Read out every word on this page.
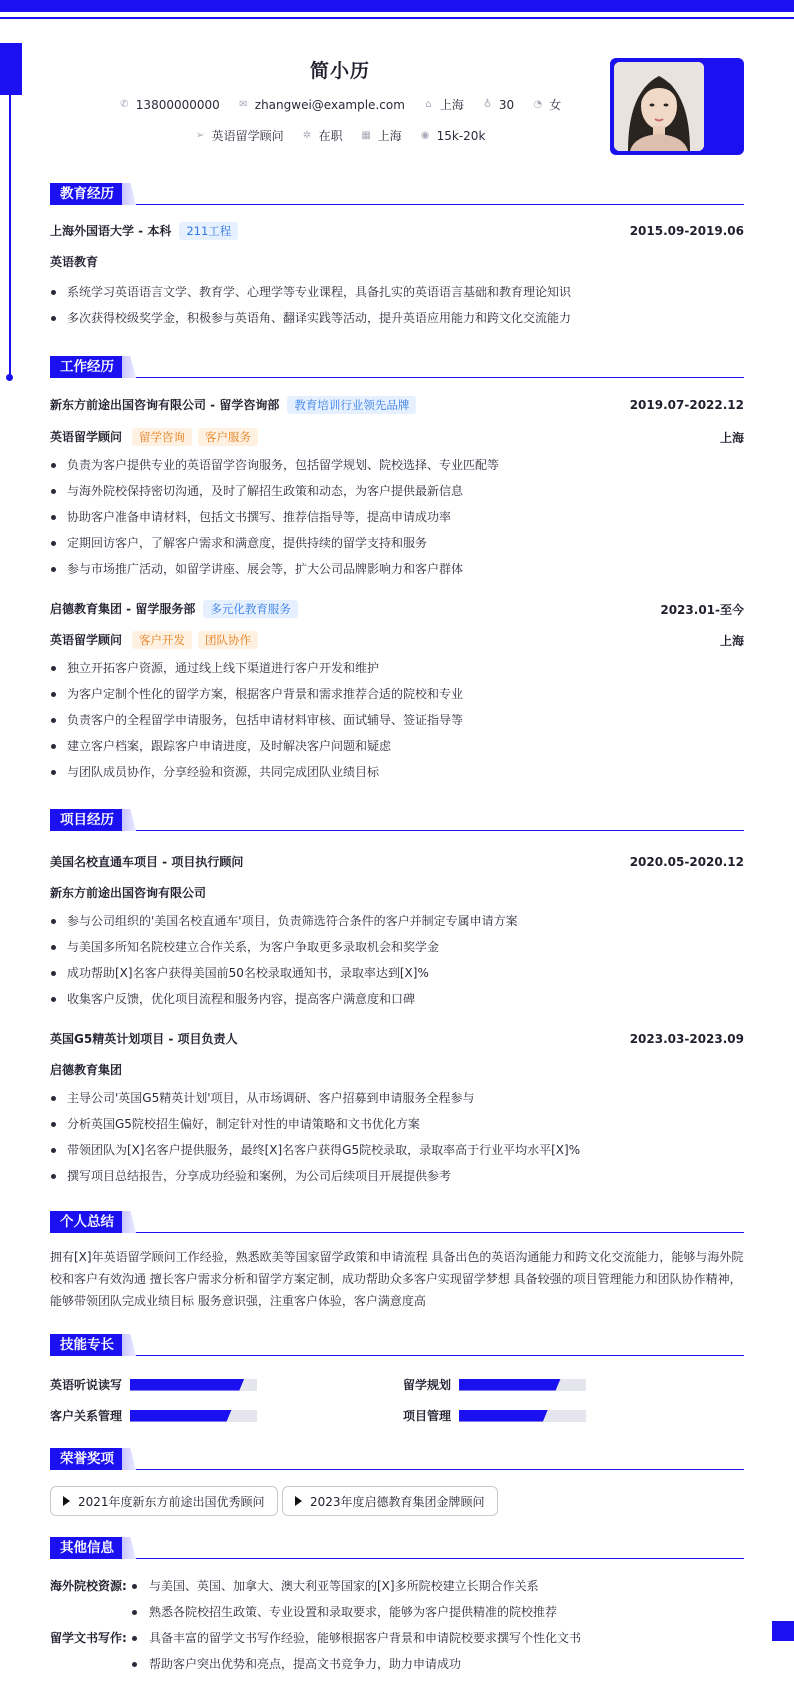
简小历
✆ 13800000000 ✉ zhangwei@example.com ⌂ 上海 ♁ 30 ◔ 女
➢ 英语留学顾问 ✲ 在职 ▦ 上海 ◉ 15k-20k
教育经历
上海外国语大学 - 本科 211工程	2015.09-2019.06
英语教育
系统学习英语语言文学、教育学、心理学等专业课程，具备扎实的英语语言基础和教育理论知识
多次获得校级奖学金，积极参与英语角、翻译实践等活动，提升英语应用能力和跨文化交流能力
工作经历
新东方前途出国咨询有限公司 - 留学咨询部 教育培训行业领先品牌	2019.07-2022.12
英语留学顾问 留学咨询 客户服务	上海
负责为客户提供专业的英语留学咨询服务，包括留学规划、院校选择、专业匹配等
与海外院校保持密切沟通，及时了解招生政策和动态，为客户提供最新信息
协助客户准备申请材料，包括文书撰写、推荐信指导等，提高申请成功率
定期回访客户，了解客户需求和满意度，提供持续的留学支持和服务
参与市场推广活动，如留学讲座、展会等，扩大公司品牌影响力和客户群体
启德教育集团 - 留学服务部 多元化教育服务	2023.01-至今
英语留学顾问 客户开发 团队协作	上海
独立开拓客户资源，通过线上线下渠道进行客户开发和维护
为客户定制个性化的留学方案，根据客户背景和需求推荐合适的院校和专业
负责客户的全程留学申请服务，包括申请材料审核、面试辅导、签证指导等
建立客户档案，跟踪客户申请进度，及时解决客户问题和疑虑
与团队成员协作，分享经验和资源，共同完成团队业绩目标
项目经历
美国名校直通车项目 - 项目执行顾问	2020.05-2020.12
新东方前途出国咨询有限公司
参与公司组织的'美国名校直通车'项目，负责筛选符合条件的客户并制定专属申请方案
与美国多所知名院校建立合作关系，为客户争取更多录取机会和奖学金
成功帮助[X]名客户获得美国前50名校录取通知书，录取率达到[X]%
收集客户反馈，优化项目流程和服务内容，提高客户满意度和口碑
英国G5精英计划项目 - 项目负责人	2023.03-2023.09
启德教育集团
主导公司'英国G5精英计划'项目，从市场调研、客户招募到申请服务全程参与
分析英国G5院校招生偏好，制定针对性的申请策略和文书优化方案
带领团队为[X]名客户提供服务，最终[X]名客户获得G5院校录取，录取率高于行业平均水平[X]%
撰写项目总结报告，分享成功经验和案例，为公司后续项目开展提供参考
个人总结
拥有[X]年英语留学顾问工作经验，熟悉欧美等国家留学政策和申请流程 具备出色的英语沟通能力和跨文化交流能力，能够与海外院
校和客户有效沟通 擅长客户需求分析和留学方案定制，成功帮助众多客户实现留学梦想 具备较强的项目管理能力和团队协作精神，
能够带领团队完成业绩目标 服务意识强，注重客户体验，客户满意度高
技能专长
英语听说读写	留学规划
客户关系管理	项目管理
荣誉奖项
2021年度新东方前途出国优秀顾问	2023年度启德教育集团金牌顾问
其他信息
海外院校资源:	与美国、英国、加拿大、澳大利亚等国家的[X]多所院校建立长期合作关系
熟悉各院校招生政策、专业设置和录取要求，能够为客户提供精准的院校推荐
留学文书写作:	具备丰富的留学文书写作经验，能够根据客户背景和申请院校要求撰写个性化文书
帮助客户突出优势和亮点，提高文书竞争力，助力申请成功
